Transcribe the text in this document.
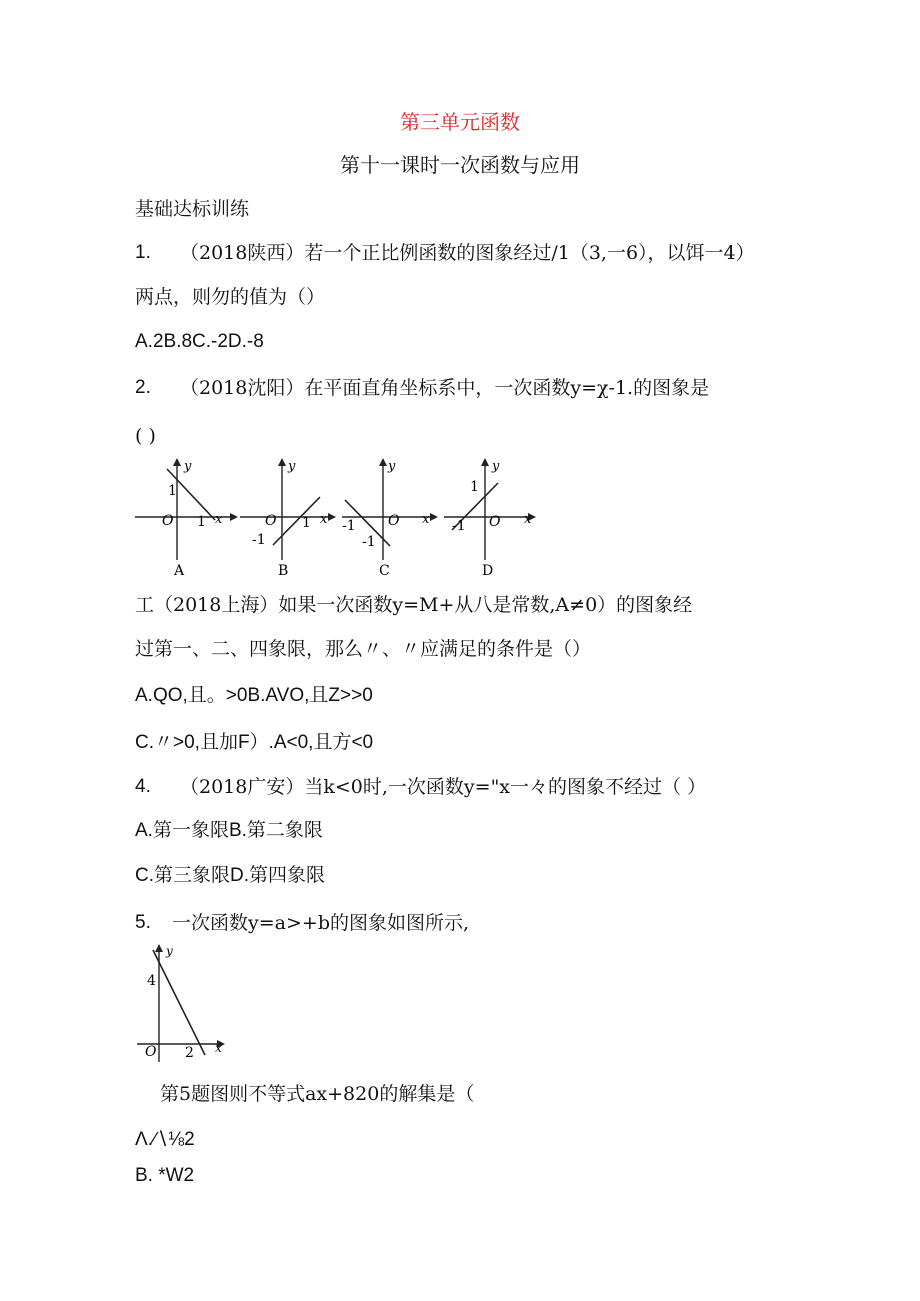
第三单元函数
第十一课时一次函数与应用
基础达标训练
1. （2018陕西）若一个正比例函数的图象经过/1（3,一6），以饵一4）
两点，则勿的值为（）
A.2B.8C.-2D.-8
2. （2018沈阳）在平面直角坐标系中，一次函数y=χ-1.的图象是
( )
y
x
1
O 1
A
y
x
-1
O 1
B
y
x
-1
O
-1
C
y
x
1
O
-1
D
工（2018上海）如果一次函数y=M+从八是常数,A≠0）的图象经
过第一、二、四象限，那么〃、〃应满足的条件是（）
A.QO,且。>0B.AVO,且Z>>0
C.〃>0,且加F）.A<0,且方<0
4. （2018广安）当k<0时,一次函数y="x一々的图象不经过（ ）
A.第一象限B.第二象限
C.第三象限D.第四象限
5. 一次函数y=a>+b的图象如图所示,
y
x
4
O 2
第5题图则不等式ax+820的解集是（
Λ.∕∖⅛2
B. *W2
